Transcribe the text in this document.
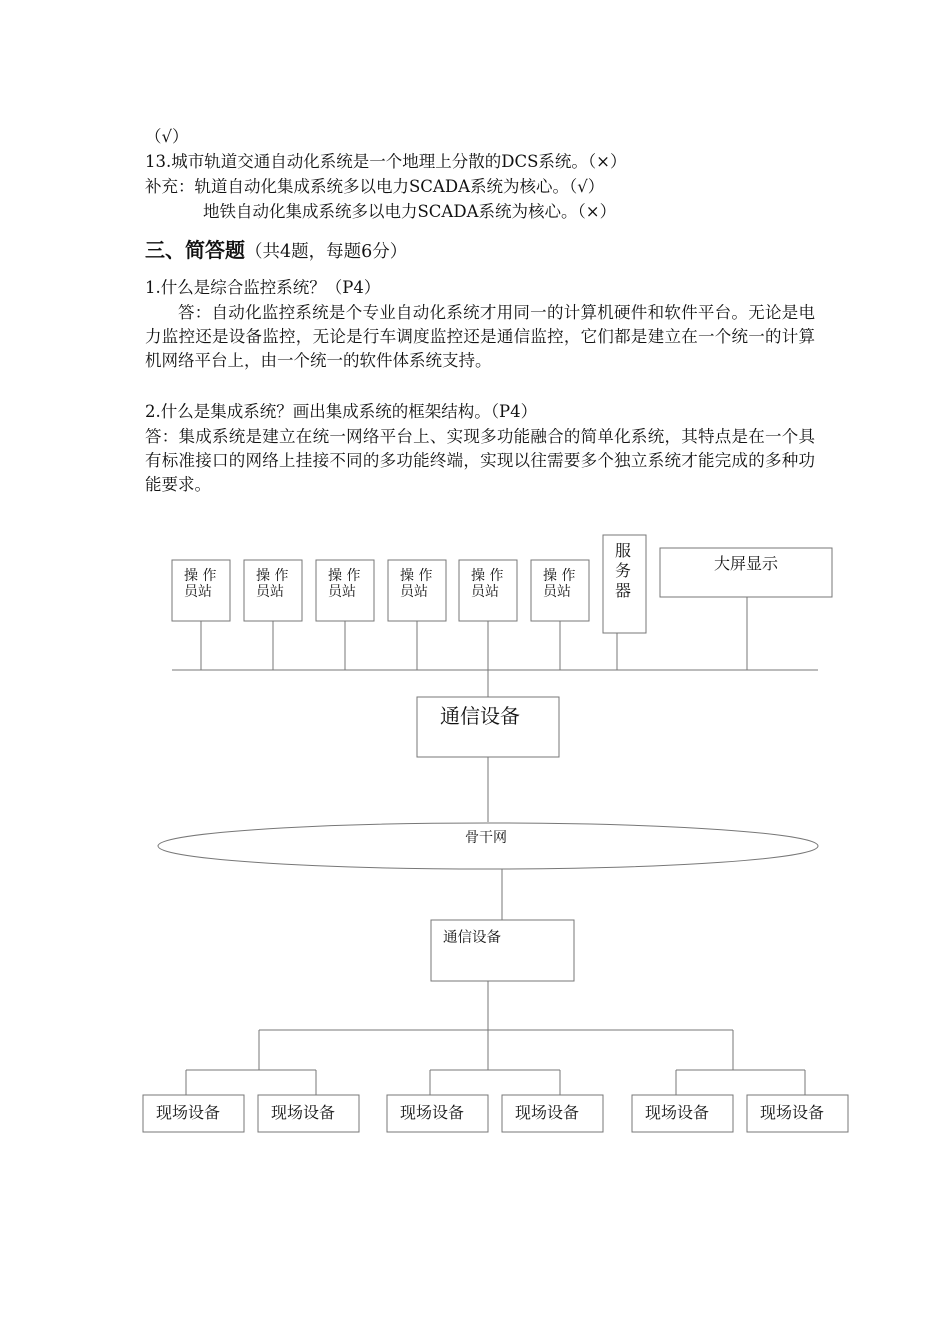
（√）
13.城市轨道交通自动化系统是一个地理上分散的DCS系统。（×）
补充：轨道自动化集成系统多以电力SCADA系统为核心。（√）
地铁自动化集成系统多以电力SCADA系统为核心。（×）
三、简答题（共4题，每题6分）
1.什么是综合监控系统？（P4）
答：自动化监控系统是个专业自动化系统才用同一的计算机硬件和软件平台。无论是电力监控还是设备监控，无论是行车调度监控还是通信监控，它们都是建立在一个统一的计算机网络平台上，由一个统一的软件体系统支持。
2.什么是集成系统？画出集成系统的框架结构。（P4）
答：集成系统是建立在统一网络平台上、实现多功能融合的简单化系统，其特点是在一个具有标准接口的网络上挂接不同的多功能终端，实现以往需要多个独立系统才能完成的多种功能要求。
操 作
员站
操 作
员站
操 作
员站
操 作
员站
操 作
员站
操 作
员站
服
务
器
大屏显示
通信设备
骨干网
通信设备
现场设备	现场设备	现场设备	现场设备	现场设备	现场设备
